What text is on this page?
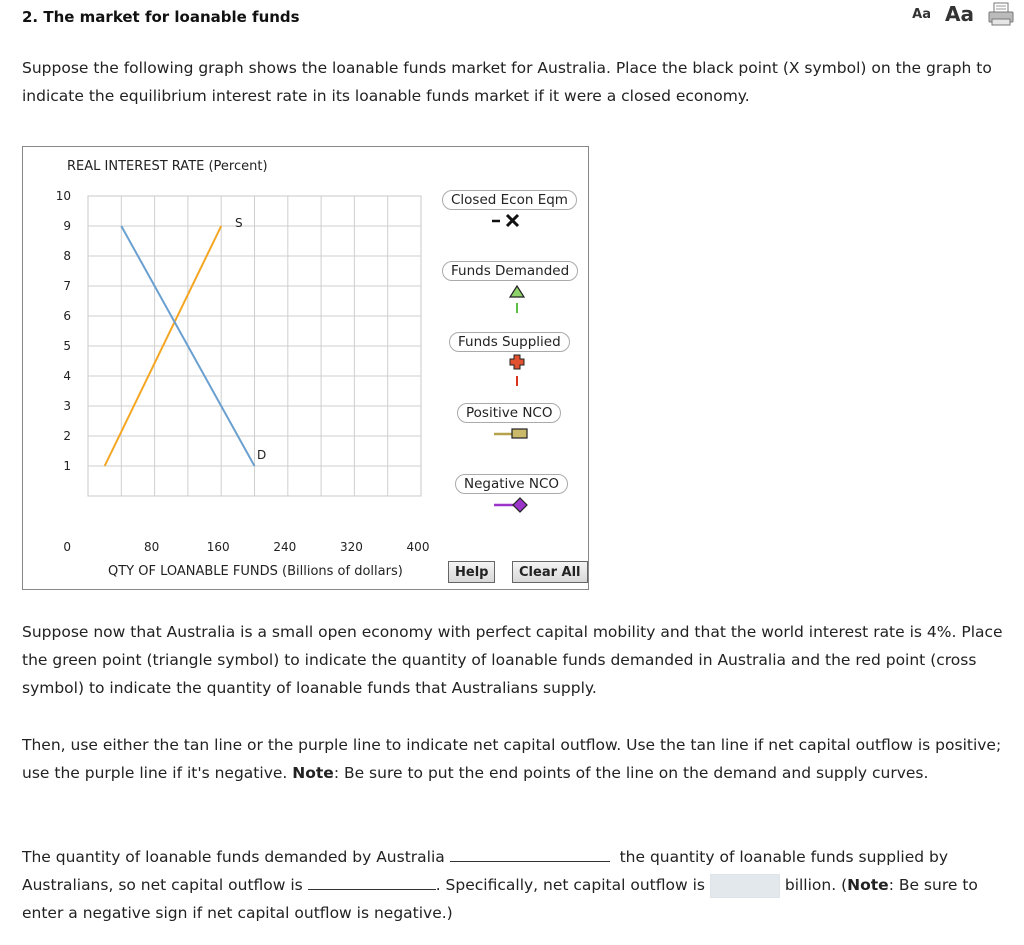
2. The market for loanable funds	Aa Aa
Suppose the following graph shows the loanable funds market for Australia. Place the black point (X symbol) on the graph to indicate the equilibrium interest rate in its loanable funds market if it were a closed economy.
REAL INTEREST RATE (Percent)
0
1
2
3
4
5
6
7
8
9
10
80	160	240	320	400
S
D
QTY OF LOANABLE FUNDS (Billions of dollars)
Closed Econ Eqm
Funds Demanded
Funds Supplied
Positive NCO
Negative NCO
Help	Clear All
Suppose now that Australia is a small open economy with perfect capital mobility and that the world interest rate is 4%. Place the green point (triangle symbol) to indicate the quantity of loanable funds demanded in Australia and the red point (cross symbol) to indicate the quantity of loanable funds that Australians supply.
Then, use either the tan line or the purple line to indicate net capital outflow. Use the tan line if net capital outflow is positive; use the purple line if it's negative. Note: Be sure to put the end points of the line on the demand and supply curves.
The quantity of loanable funds demanded by Australia	the quantity of loanable funds supplied by Australians, so net capital outflow is	. Specifically, net capital outflow is	billion. (Note: Be sure to enter a negative sign if net capital outflow is negative.)
